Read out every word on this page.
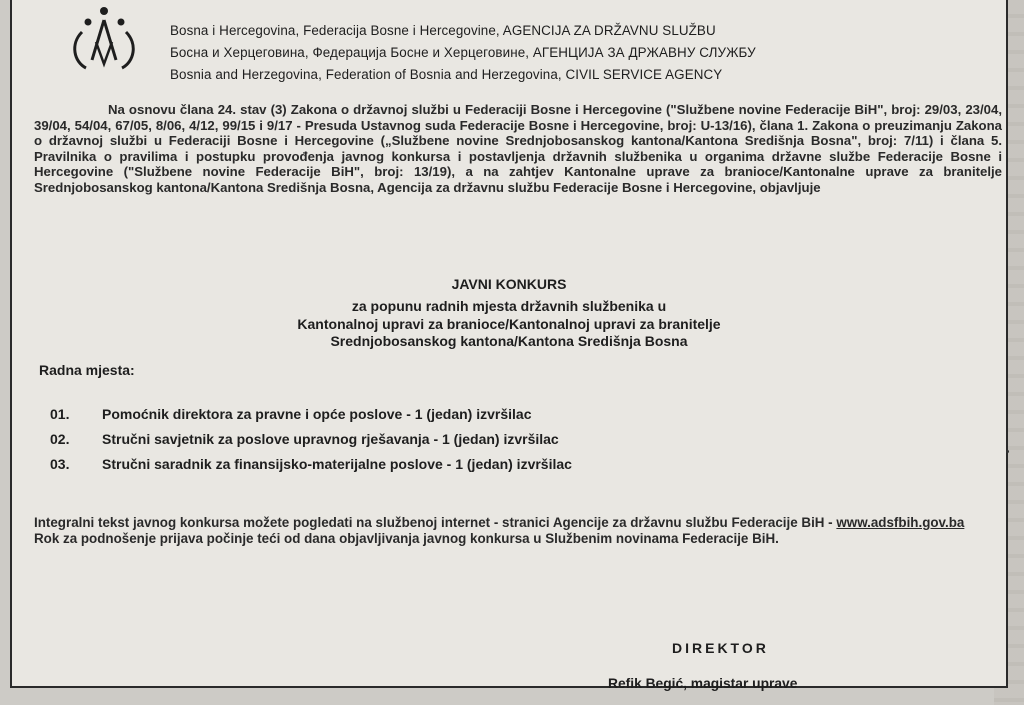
Bosna i Hercegovina, Federacija Bosne i Hercegovine, AGENCIJA ZA DRŽAVNU SLUŽBU
Босна и Херцеговина, Федерација Босне и Херцеговине, АГЕНЦИЈА ЗА ДРЖАВНУ СЛУЖБУ
Bosnia and Herzegovina, Federation of Bosnia and Herzegovina, CIVIL SERVICE AGENCY
Na osnovu člana 24. stav (3) Zakona o državnoj službi u Federaciji Bosne i Hercegovine ("Službene novine Federacije BiH", broj: 29/03, 23/04, 39/04, 54/04, 67/05, 8/06, 4/12, 99/15 i 9/17 - Presuda Ustavnog suda Federacije Bosne i Hercegovine, broj: U-13/16), člana 1. Zakona o preuzimanju Zakona o državnoj službi u Federaciji Bosne i Hercegovine („Službene novine Srednjobosanskog kantona/Kantona Središnja Bosna", broj: 7/11) i člana 5. Pravilnika o pravilima i postupku provođenja javnog konkursa i postavljenja državnih službenika u organima državne službe Federacije Bosne i Hercegovine ("Službene novine Federacije BiH", broj: 13/19), a na zahtjev Kantonalne uprave za branioce/Kantonalne uprave za branitelje Srednjobosanskog kantona/Kantona Središnja Bosna, Agencija za državnu službu Federacije Bosne i Hercegovine, objavljuje
JAVNI KONKURS
za popunu radnih mjesta državnih službenika u
Kantonalnoj upravi za branioce/Kantonalnoj upravi za branitelje
Srednjobosanskog kantona/Kantona Središnja Bosna
Radna mjesta:
01.	Pomoćnik direktora za pravne i opće poslove - 1 (jedan) izvršilac
02.	Stručni savjetnik za poslove upravnog rješavanja - 1 (jedan) izvršilac
03.	Stručni saradnik za finansijsko-materijalne poslove - 1 (jedan) izvršilac
Integralni tekst javnog konkursa možete pogledati na službenoj internet - stranici Agencije za državnu službu Federacije BiH - www.adsfbih.gov.ba
Rok za podnošenje prijava počinje teći od dana objavljivanja javnog konkursa u Službenim novinama Federacije BiH.
DIREKTOR
Refik Begić, magistar uprave
